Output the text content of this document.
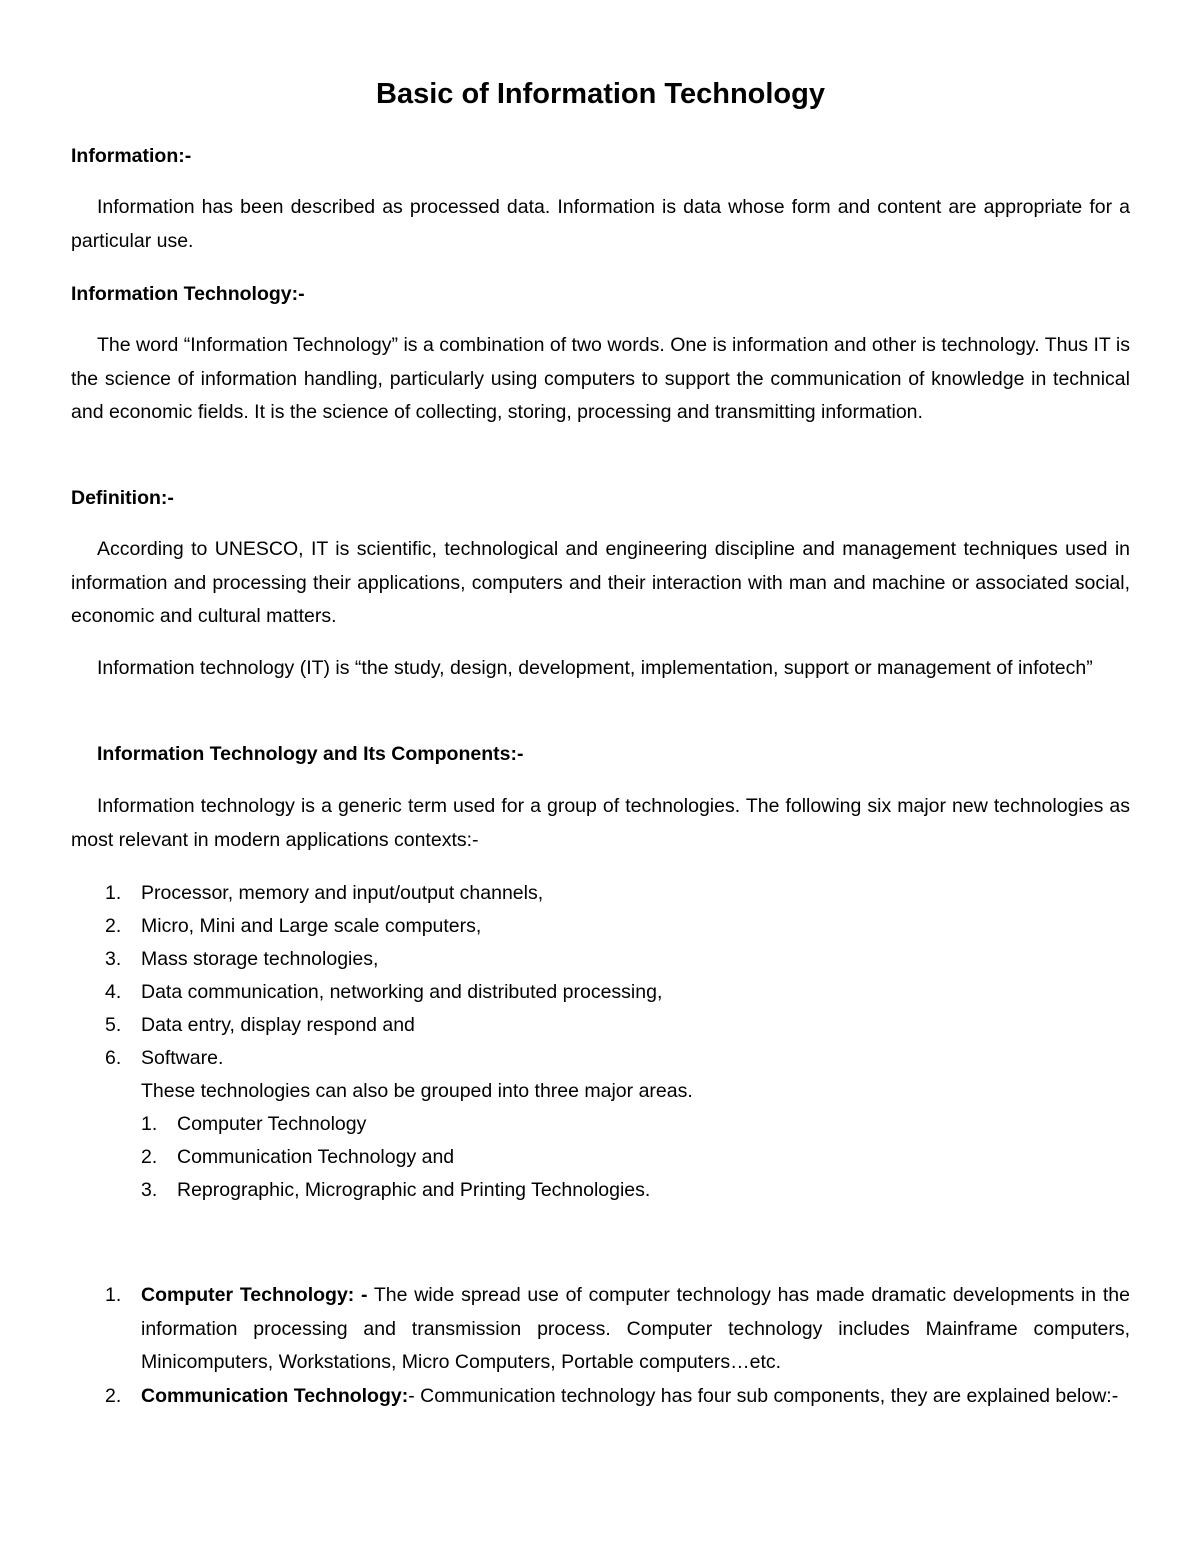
Basic of Information Technology
Information:-

Information has been described as processed data. Information is data whose form and content are appropriate for a particular use.

Information Technology:-

The word “Information Technology” is a combination of two words. One is information and other is technology. Thus IT is the science of information handling, particularly using computers to support the communication of knowledge in technical and economic fields. It is the science of collecting, storing, processing and transmitting information.

Definition:-

According to UNESCO, IT is scientific, technological and engineering discipline and management techniques used in information and processing their applications, computers and their interaction with man and machine or associated social, economic and cultural matters.

Information technology (IT) is “the study, design, development, implementation, support or management of infotech”

Information Technology and Its Components:-

Information technology is a generic term used for a group of technologies. The following six major new technologies as most relevant in modern applications contexts:-

1.	Processor, memory and input/output channels,
2.	Micro, Mini and Large scale computers,
3.	Mass storage technologies,
4.	Data communication, networking and distributed processing,
5.	Data entry, display respond and
6.	Software.
These technologies can also be grouped into three major areas.
1.	Computer Technology
2.	Communication Technology and
3.	Reprographic, Micrographic and Printing Technologies.
1.	Computer Technology: - The wide spread use of computer technology has made dramatic developments in the information processing and transmission process. Computer technology includes Mainframe computers, Minicomputers, Workstations, Micro Computers, Portable computers…etc.
2.	Communication Technology:- Communication technology has four sub components, they are explained below:-
